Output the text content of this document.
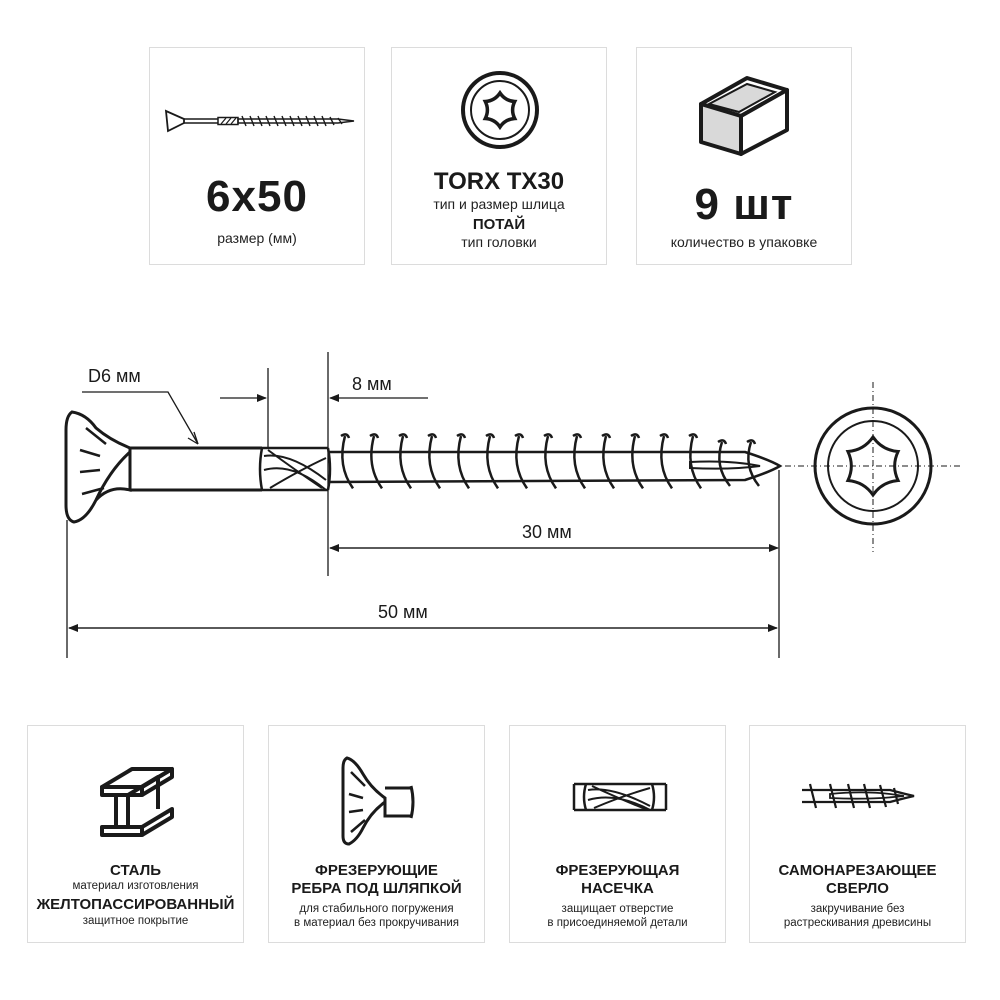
6x50
размер (мм)
TORX TX30
тип и размер шлица
ПОТАЙ
тип головки
9 шт
количество в упаковке
D6 мм	8 мм
30 мм
50 мм
СТАЛЬ
материал изготовления
ЖЕЛТОПАССИРОВАННЫЙ
защитное покрытие
ФРЕЗЕРУЮЩИЕ
РЕБРА ПОД ШЛЯПКОЙ
для стабильного погружения
в материал без прокручивания
ФРЕЗЕРУЮЩАЯ
НАСЕЧКА
защищает отверстие
в присоединяемой детали
САМОНАРЕЗАЮЩЕЕ
СВЕРЛО
закручивание без
растрескивания древисины
